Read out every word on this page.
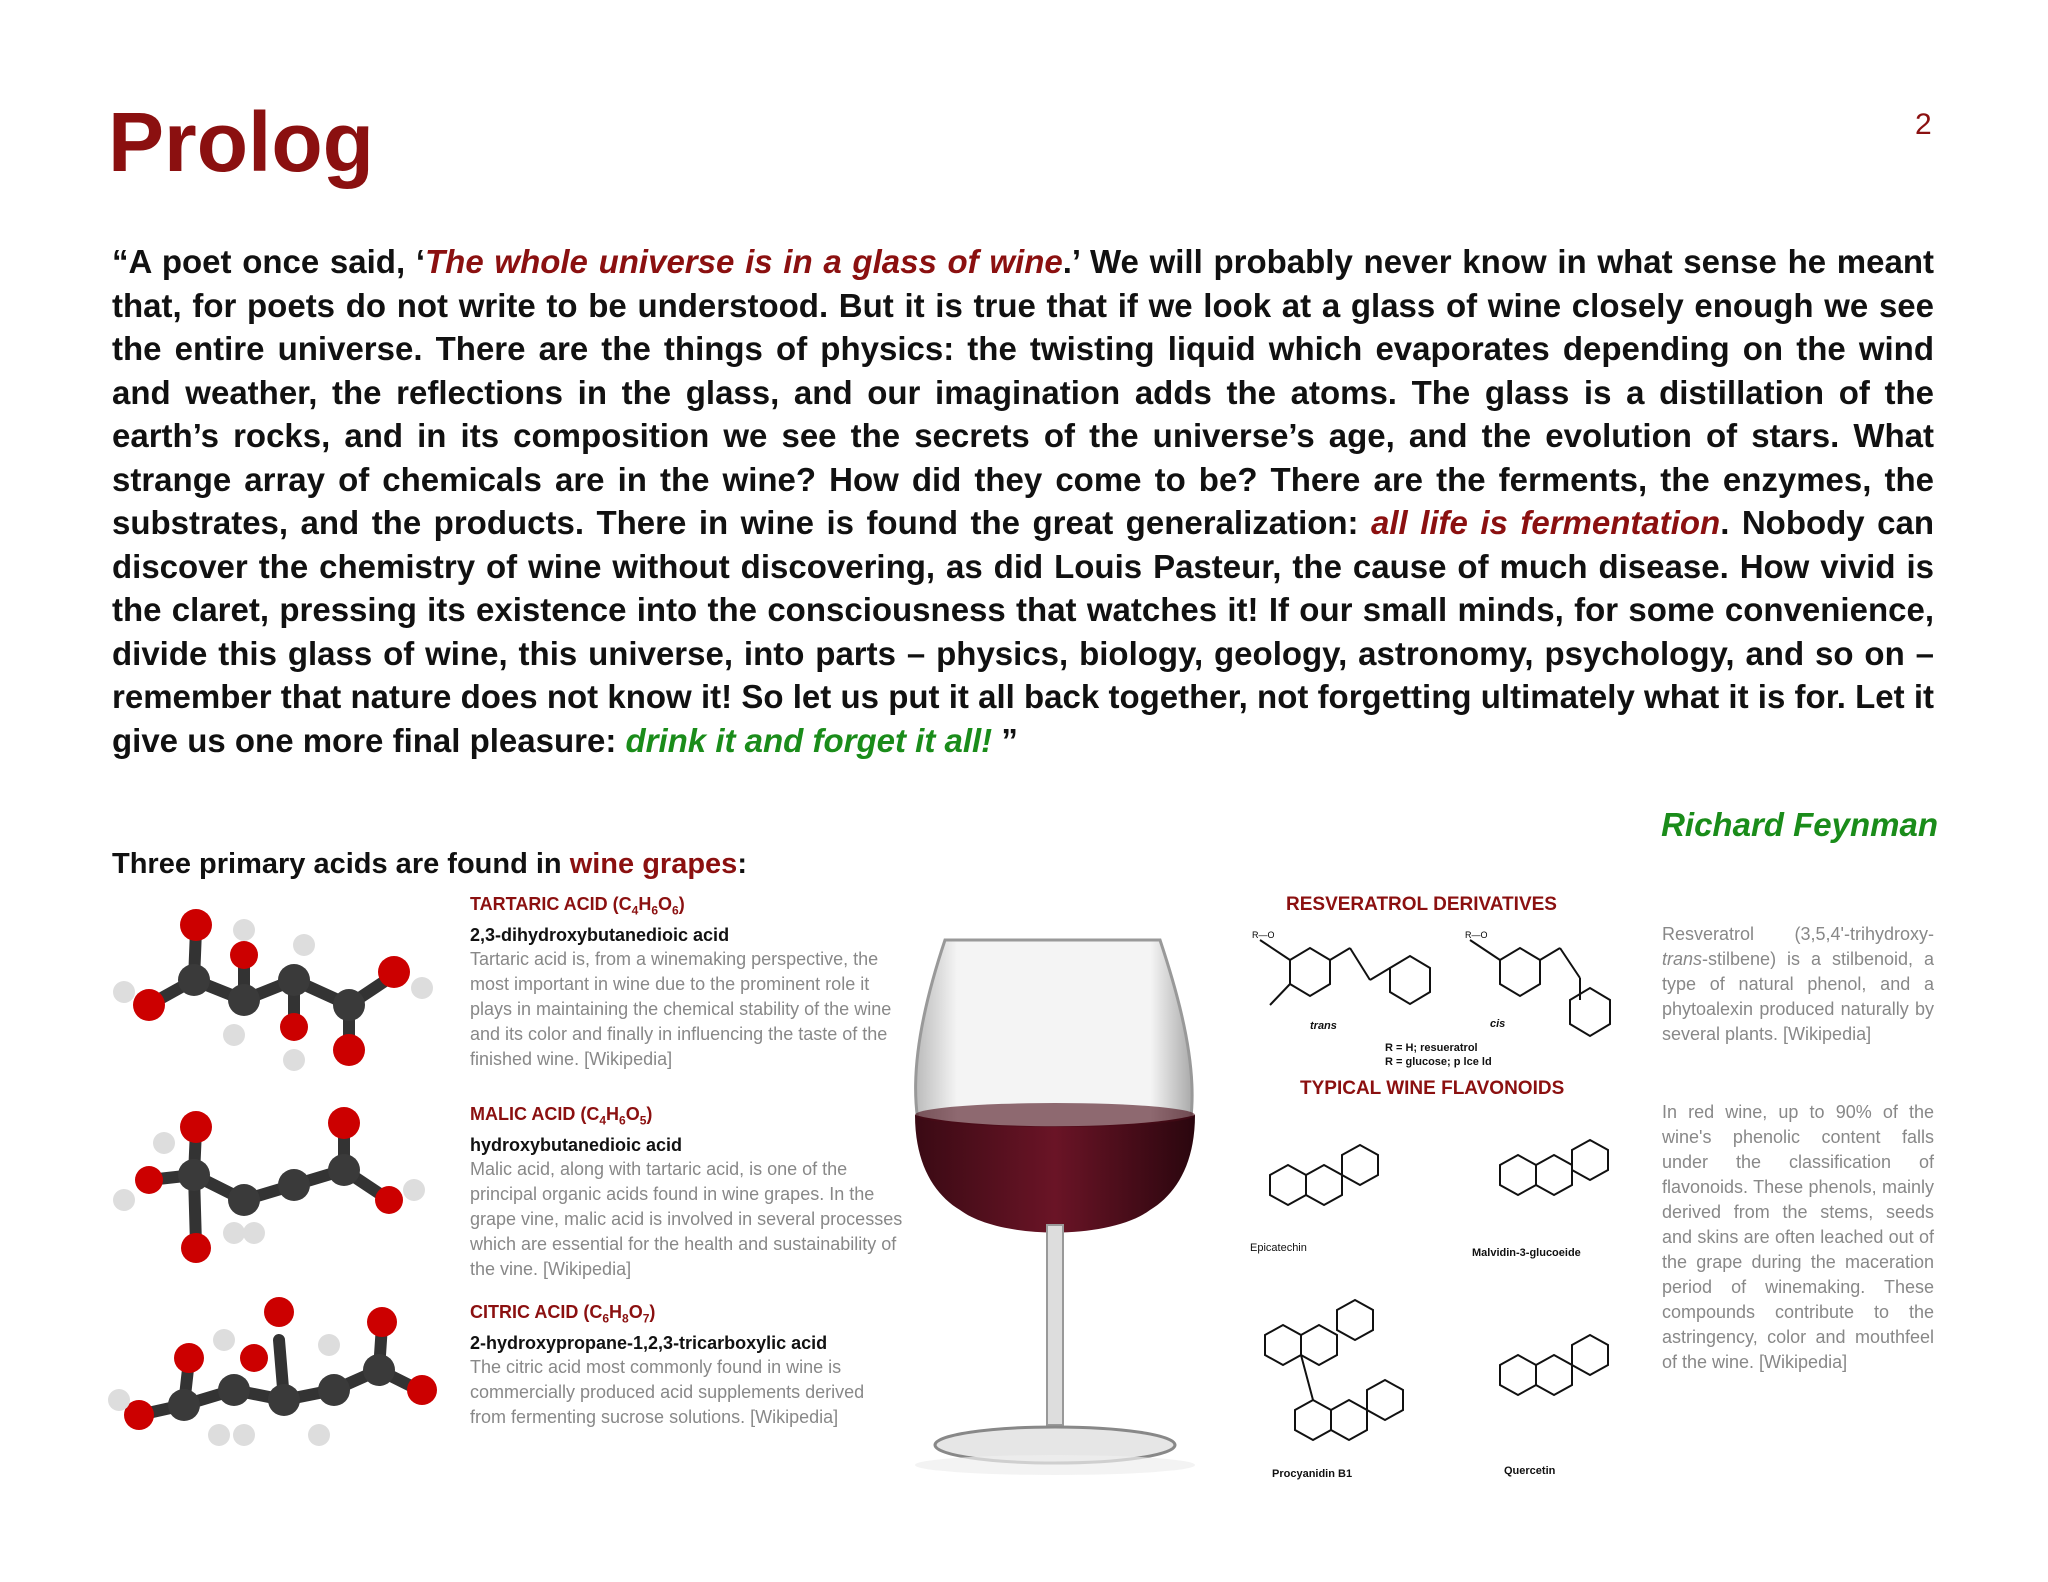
Prolog	2

“A poet once said, ‘The whole universe is in a glass of wine.’ We will probably never know in what sense he meant that, for poets do not write to be understood. But it is true that if we look at a glass of wine closely enough we see the entire universe. There are the things of physics: the twisting liquid which evaporates depending on the wind and weather, the reflections in the glass, and our imagination adds the atoms. The glass is a distillation of the earth’s rocks, and in its composition we see the secrets of the universe’s age, and the evolution of stars. What strange array of chemicals are in the wine? How did they come to be? There are the ferments, the enzymes, the substrates, and the products. There in wine is found the great generalization: all life is fermentation. Nobody can discover the chemistry of wine without discovering, as did Louis Pasteur, the cause of much disease. How vivid is the claret, pressing its existence into the consciousness that watches it! If our small minds, for some convenience, divide this glass of wine, this universe, into parts – physics, biology, geology, astronomy, psychology, and so on – remember that nature does not know it! So let us put it all back together, not forgetting ultimately what it is for. Let it give us one more final pleasure: drink it and forget it all! ”

Richard Feynman
Three primary acids are found in wine grapes:
TARTARIC ACID $(C_4H_6O_6)$
2,3-dihydroxybutanedioic acid
Tartaric acid is, from a winemaking perspective, the most important in wine due to the prominent role it plays in maintaining the chemical stability of the wine and its color and finally in influencing the taste of the finished wine. [Wikipedia]
MALIC ACID $(C_4H_6O_5)$
hydroxybutanedioic acid
Malic acid, along with tartaric acid, is one of the principal organic acids found in wine grapes. In the grape vine, malic acid is involved in several processes which are essential for the health and sustainability of the vine. [Wikipedia]
CITRIC ACID $(C_6H_8O_7)$
2-hydroxypropane-1,2,3-tricarboxylic acid
The citric acid most commonly found in wine is commercially produced acid supplements derived from fermenting sucrose solutions. [Wikipedia]
RESVERATROL DERIVATIVES
R—O	R—O
trans	cis
R = H; resueratrol
R = glucose; p lce ld
TYPICAL WINE FLAVONOIDS
Epicatechin	Malvidin-3-glucoeide
Procyanidin B1	Quercetin
Resveratrol (3,5,4'-trihydroxy- trans-stilbene) is a stilbenoid, a type of natural phenol, and a phytoalexin produced naturally by several plants. [Wikipedia]
In red wine, up to 90% of the wine's phenolic content falls under the classification of flavonoids. These phenols, mainly derived from the stems, seeds and skins are often leached out of the grape during the maceration period of winemaking. These compounds contribute to the astringency, color and mouthfeel of the wine. [Wikipedia]
